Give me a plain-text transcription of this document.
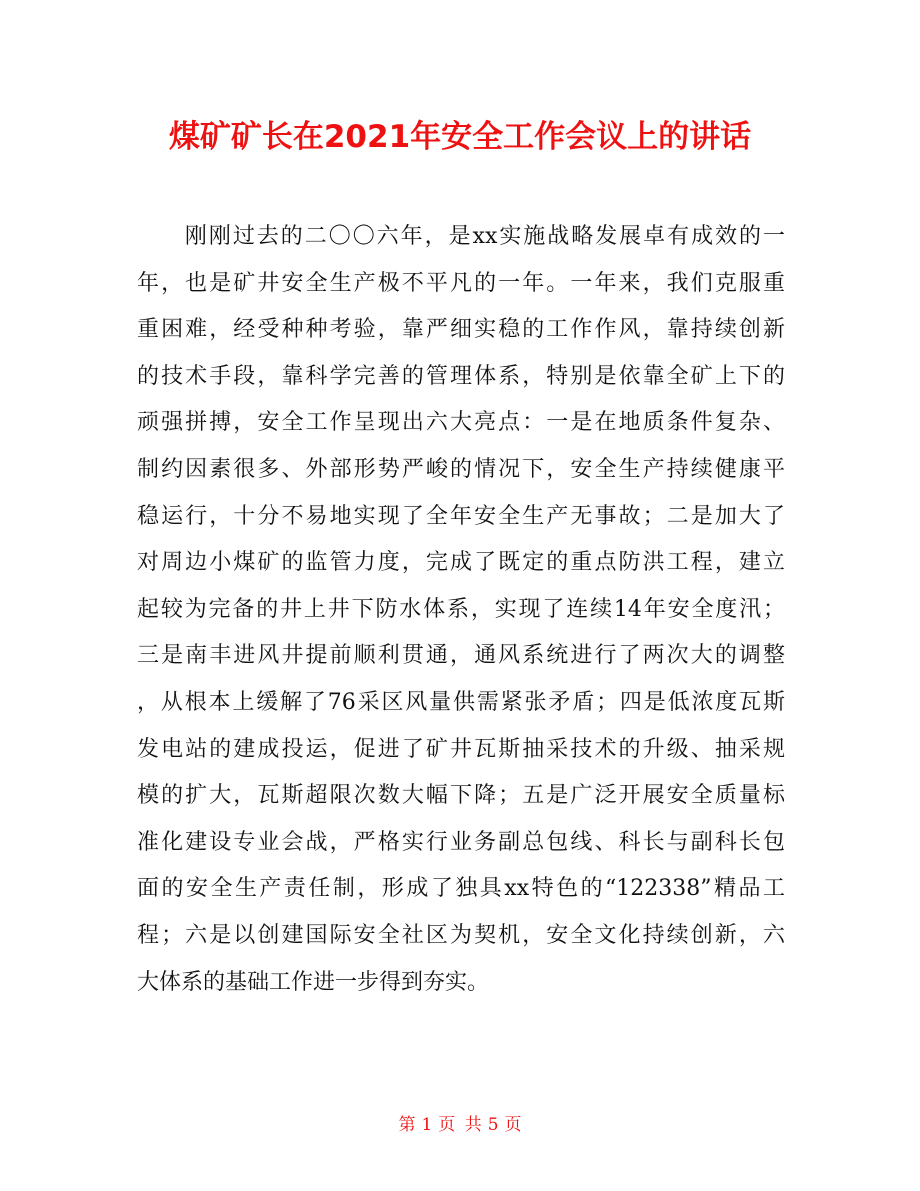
煤矿矿长在2021年安全工作会议上的讲话
　　刚刚过去的二〇〇六年，是xx实施战略发展卓有成效的一
年，也是矿井安全生产极不平凡的一年。一年来，我们克服重
重困难，经受种种考验，靠严细实稳的工作作风，靠持续创新
的技术手段，靠科学完善的管理体系，特别是依靠全矿上下的
顽强拼搏，安全工作呈现出六大亮点：一是在地质条件复杂、
制约因素很多、外部形势严峻的情况下，安全生产持续健康平
稳运行，十分不易地实现了全年安全生产无事故；二是加大了
对周边小煤矿的监管力度，完成了既定的重点防洪工程，建立
起较为完备的井上井下防水体系，实现了连续14年安全度汛；
三是南丰进风井提前顺利贯通，通风系统进行了两次大的调整
，从根本上缓解了76采区风量供需紧张矛盾；四是低浓度瓦斯
发电站的建成投运，促进了矿井瓦斯抽采技术的升级、抽采规
模的扩大，瓦斯超限次数大幅下降；五是广泛开展安全质量标
准化建设专业会战，严格实行业务副总包线、科长与副科长包
面的安全生产责任制，形成了独具xx特色的“122338”精品工
程；六是以创建国际安全社区为契机，安全文化持续创新，六
大体系的基础工作进一步得到夯实。
第 1 页 共 5 页
